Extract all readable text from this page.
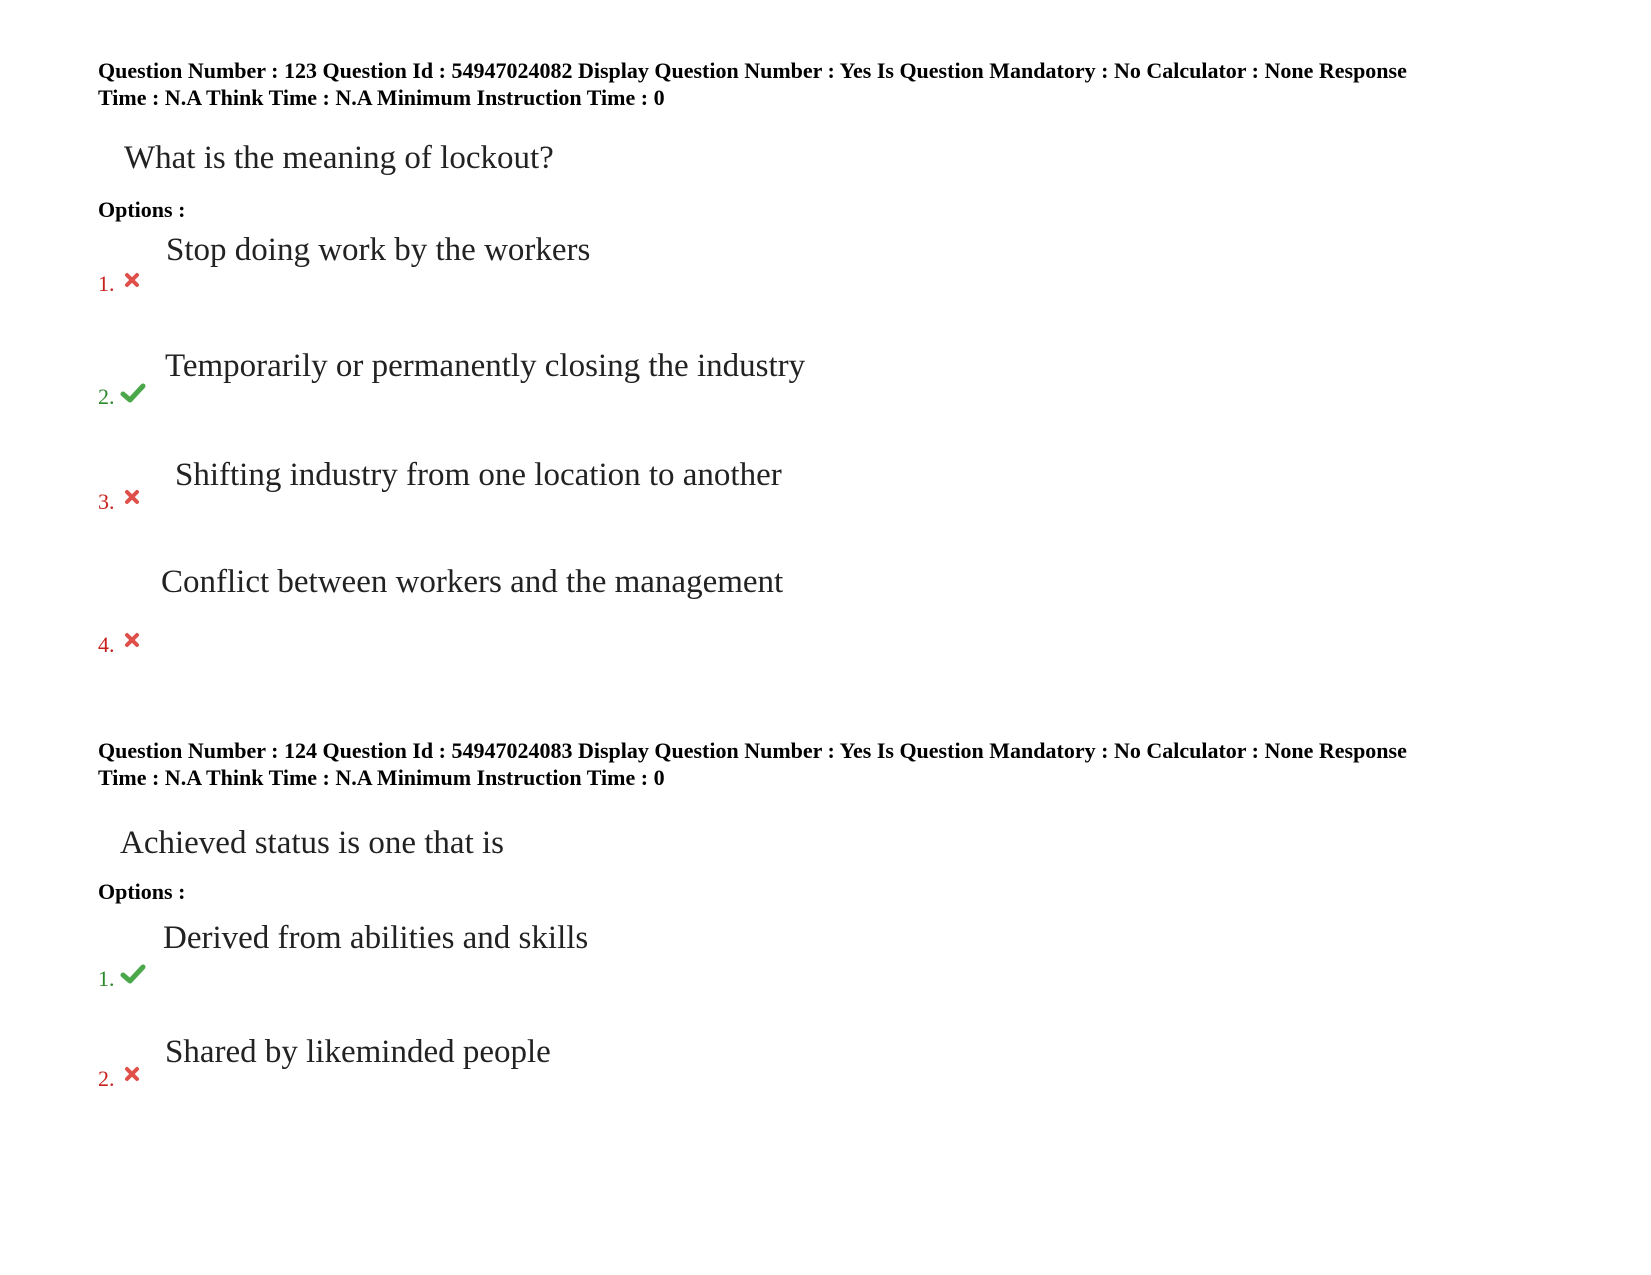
Question Number : 123 Question Id : 54947024082 Display Question Number : Yes Is Question Mandatory : No Calculator : None Response
Time : N.A Think Time : N.A Minimum Instruction Time : 0
What is the meaning of lockout?
Options :
Stop doing work by the workers
1.
Temporarily or permanently closing the industry
2.
Shifting industry from one location to another
3.
Conflict between workers and the management
4.
Question Number : 124 Question Id : 54947024083 Display Question Number : Yes Is Question Mandatory : No Calculator : None Response
Time : N.A Think Time : N.A Minimum Instruction Time : 0
Achieved status is one that is
Options :
Derived from abilities and skills
1.
Shared by likeminded people
2.
